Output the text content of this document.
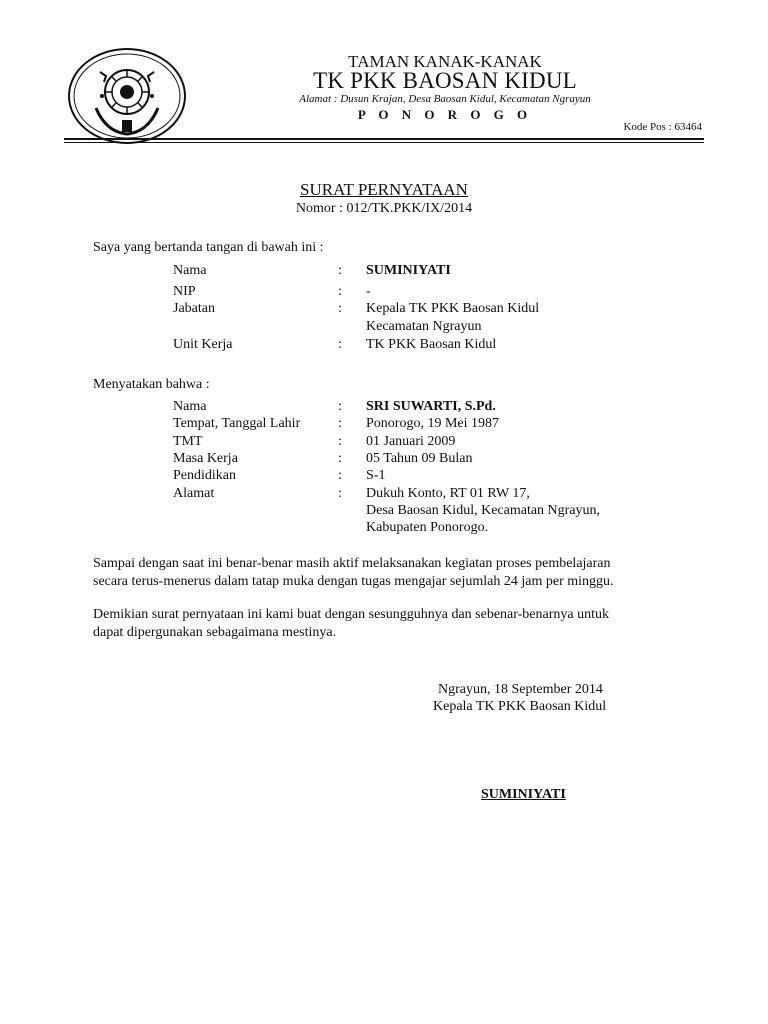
TAMAN KANAK-KANAK
TK PKK BAOSAN KIDUL
Alamat : Dusun Krajan, Desa Baosan Kidul, Kecamatan Ngrayun
P O N O R O G O
Kode Pos : 63464
SURAT PERNYATAAN
Nomor : 012/TK.PKK/IX/2014
Saya yang bertanda tangan di bawah ini :
Nama	: SUMINIYATI
NIP	: -
Jabatan	: Kepala TK PKK Baosan Kidul
Kecamatan Ngrayun
Unit Kerja	: TK PKK Baosan Kidul
Menyatakan bahwa :
Nama	: SRI SUWARTI, S.Pd.
Tempat, Tanggal Lahir	: Ponorogo, 19 Mei 1987
TMT	: 01 Januari 2009
Masa Kerja	: 05 Tahun 09 Bulan
Pendidikan	: S-1
Alamat	: Dukuh Konto, RT 01 RW 17,
Desa Baosan Kidul, Kecamatan Ngrayun,
Kabupaten Ponorogo.
Sampai dengan saat ini benar-benar masih aktif melaksanakan kegiatan proses pembelajaran
secara terus-menerus dalam tatap muka dengan tugas mengajar sejumlah 24 jam per minggu.
Demikian surat pernyataan ini kami buat dengan sesungguhnya dan sebenar-benarnya untuk
dapat dipergunakan sebagaimana mestinya.
Ngrayun, 18 September 2014
Kepala TK PKK Baosan Kidul
SUMINIYATI
